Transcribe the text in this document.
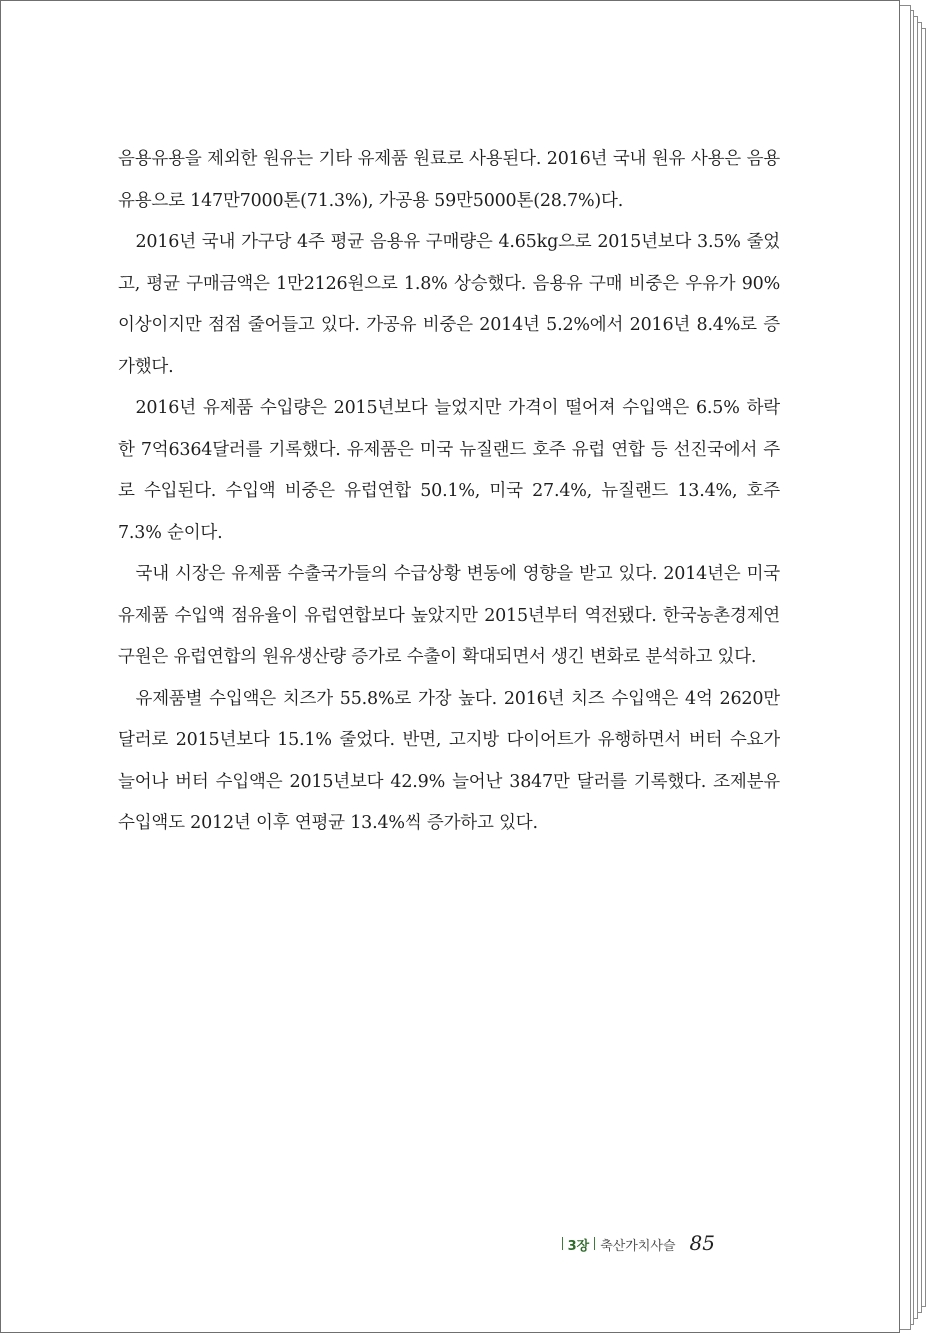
음용유용을 제외한 원유는 기타 유제품 원료로 사용된다. 2016년 국내 원유 사용은 음용유용으로 147만7000톤(71.3%), 가공용 59만5000톤(28.7%)다.

2016년 국내 가구당 4주 평균 음용유 구매량은 4.65kg으로 2015년보다 3.5% 줄었고, 평균 구매금액은 1만2126원으로 1.8% 상승했다. 음용유 구매 비중은 우유가 90% 이상이지만 점점 줄어들고 있다. 가공유 비중은 2014년 5.2%에서 2016년 8.4%로 증가했다.

2016년 유제품 수입량은 2015년보다 늘었지만 가격이 떨어져 수입액은 6.5% 하락한 7억6364달러를 기록했다. 유제품은 미국 뉴질랜드 호주 유럽 연합 등 선진국에서 주로 수입된다. 수입액 비중은 유럽연합 50.1%, 미국 27.4%, 뉴질랜드 13.4%, 호주 7.3% 순이다.

국내 시장은 유제품 수출국가들의 수급상황 변동에 영향을 받고 있다. 2014년은 미국 유제품 수입액 점유율이 유럽연합보다 높았지만 2015년부터 역전됐다. 한국농촌경제연구원은 유럽연합의 원유생산량 증가로 수출이 확대되면서 생긴 변화로 분석하고 있다.

유제품별 수입액은 치즈가 55.8%로 가장 높다. 2016년 치즈 수입액은 4억 2620만달러로 2015년보다 15.1% 줄었다. 반면, 고지방 다이어트가 유행하면서 버터 수요가 늘어나 버터 수입액은 2015년보다 42.9% 늘어난 3847만 달러를 기록했다. 조제분유 수입액도 2012년 이후 연평균 13.4%씩 증가하고 있다.

3장 축산가치사슬 85
